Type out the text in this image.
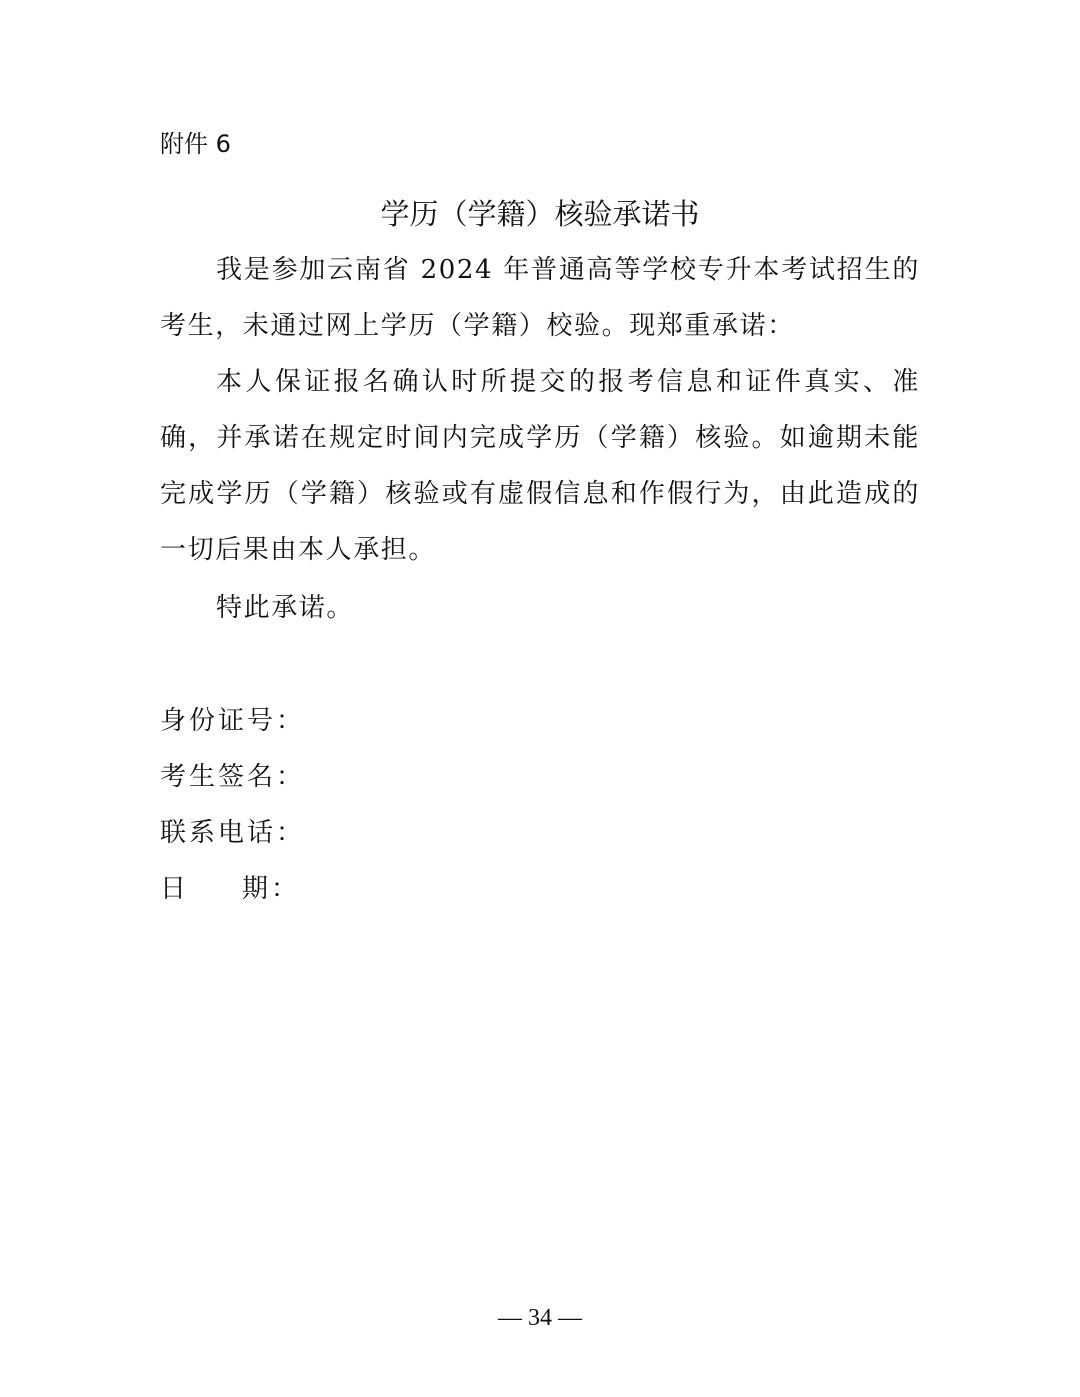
附件 6
学历（学籍）核验承诺书

我是参加云南省 2024 年普通高等学校专升本考试招生的考生，未通过网上学历（学籍）校验。现郑重承诺：

本人保证报名确认时所提交的报考信息和证件真实、准确，并承诺在规定时间内完成学历（学籍）核验。如逾期未能完成学历（学籍）核验或有虚假信息和作假行为，由此造成的一切后果由本人承担。

特此承诺。

身份证号：
考生签名：
联系电话：
日 期：
— 34 —
